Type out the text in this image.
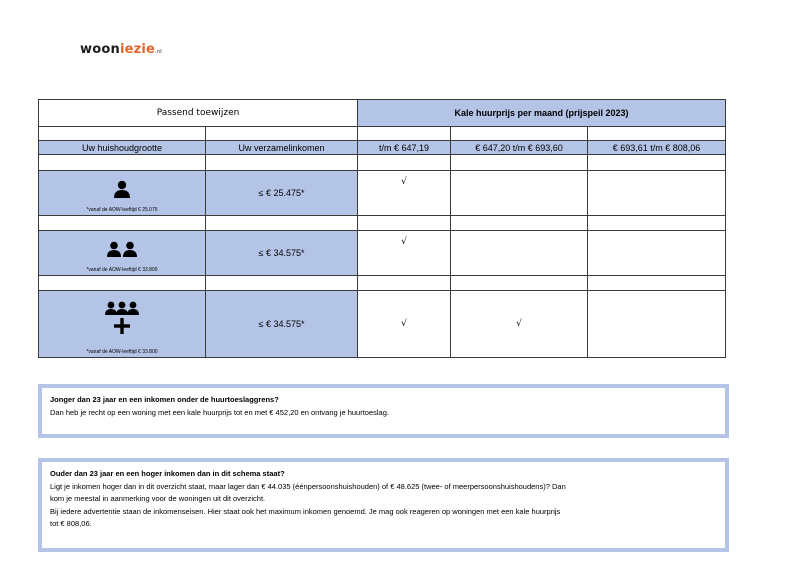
wooniezie.nl
Passend toewijzen		Kale huurprijs per maand (prijspeil 2023)		

Uw huishoudgrootte	Uw verzamelinkomen	t/m € 647,19	€ 647,20 t/m € 693,60	€ 693,61 t/m € 808,06

*vanaf de AOW-leeftijd € 25.075	≤ € 25.475*	√		

*vanaf de AOW-leeftijd € 33.800	≤ € 34.575*	√		

*vanaf de AOW-leeftijd € 33.800	≤ € 34.575*	√	√	
Jonger dan 23 jaar en een inkomen onder de huurtoeslaggrens?
Dan heb je recht op een woning met een kale huurprijs tot en met € 452,20 en ontvang je huurtoeslag.
Ouder dan 23 jaar en een hoger inkomen dan in dit schema staat?
Ligt je inkomen hoger dan in dit overzicht staat, maar lager dan € 44.035 (éénpersoonshuishouden) of € 48.625 (twee- of meerpersoonshuishoudens)? Dan
kom je meestal in aanmerking voor de woningen uit dit overzicht.
Bij iedere advertentie staan de inkomenseisen. Hier staat ook het maximum inkomen genoemd. Je mag ook reageren op woningen met een kale huurprijs
tot € 808,06.
